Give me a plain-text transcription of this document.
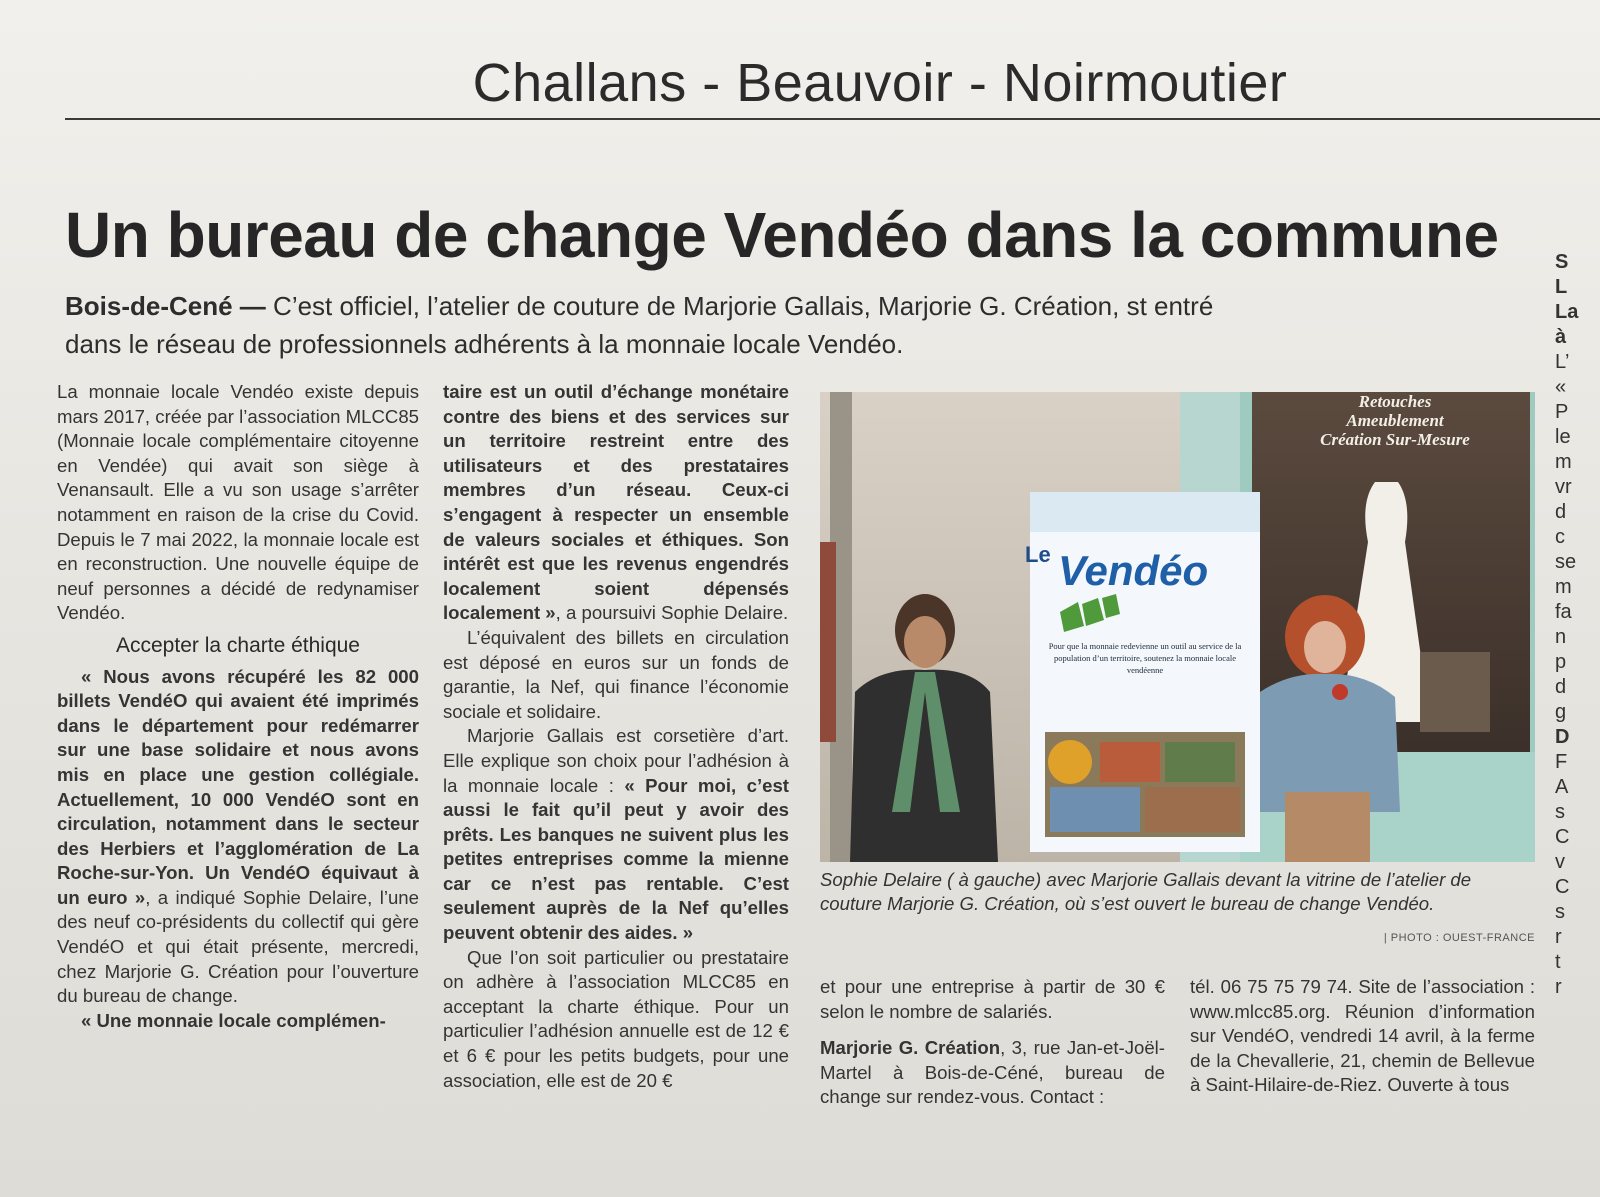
Challans - Beauvoir - Noirmoutier
Un bureau de change Vendéo dans la commune
Bois-de-Cené — C’est officiel, l’atelier de couture de Marjorie Gallais, Marjorie G. Création, st entré dans le réseau de professionnels adhérents à la monnaie locale Vendéo.

La monnaie locale Vendéo existe depuis mars 2017, créée par l’association MLCC85 (Monnaie locale complémentaire citoyenne en Vendée) qui avait son siège à Venansault. Elle a vu son usage s’arrêter notamment en raison de la crise du Covid. Depuis le 7 mai 2022, la monnaie locale est en reconstruction. Une nouvelle équipe de neuf personnes a décidé de redynamiser Vendéo.

Accepter la charte éthique

« Nous avons récupéré les 82 000 billets VendéO qui avaient été imprimés dans le département pour redémarrer sur une base solidaire et nous avons mis en place une gestion collégiale. Actuellement, 10 000 VendéO sont en circulation, notamment dans le secteur des Herbiers et l’agglomération de La Roche-sur-Yon. Un VendéO équivaut à un euro », a indiqué Sophie Delaire, l’une des neuf co-présidents du collectif qui gère VendéO et qui était présente, mercredi, chez Marjorie G. Création pour l’ouverture du bureau de change.

« Une monnaie locale complémen-

taire est un outil d’échange monétaire contre des biens et des services sur un territoire restreint entre des utilisateurs et des prestataires membres d’un réseau. Ceux-ci s’engagent à respecter un ensemble de valeurs sociales et éthiques. Son intérêt est que les revenus engendrés localement soient dépensés localement », a poursuivi Sophie Delaire.

L’équivalent des billets en circulation est déposé en euros sur un fonds de garantie, la Nef, qui finance l’économie sociale et solidaire.

Marjorie Gallais est corsetière d’art. Elle explique son choix pour l’adhésion à la monnaie locale : « Pour moi, c’est aussi le fait qu’il peut y avoir des prêts. Les banques ne suivent plus les petites entreprises comme la mienne car ce n’est pas rentable. C’est seulement auprès de la Nef qu’elles peuvent obtenir des aides. »

Que l’on soit particulier ou prestataire on adhère à l’association MLCC85 en acceptant la charte éthique. Pour un particulier l’adhésion annuelle est de 12 € et 6 € pour les petits budgets, pour une association, elle est de 20 €

Le Vendéo
Pour que la monnaie redevienne un outil au service de la population d’un territoire, soutenez la monnaie locale vendéenne
Retouches
Ameublement
Création Sur-Mesure
Sophie Delaire ( à gauche) avec Marjorie Gallais devant la vitrine de l’atelier de couture Marjorie G. Création, où s’est ouvert le bureau de change Vendéo.
| PHOTO : OUEST-FRANCE

et pour une entreprise à partir de 30 € selon le nombre de salariés.

Marjorie G. Création, 3, rue Jan-et-Joël-Martel à Bois-de-Céné, bureau de change sur rendez-vous. Contact :

tél. 06 75 75 79 74. Site de l’association : www.mlcc85.org. Réunion d’information sur VendéO, vendredi 14 avril, à la ferme de la Chevallerie, 21, chemin de Bellevue à Saint-Hilaire-de-Riez. Ouverte à tous

S
L
La
à
L’
«
P
le
m
vr
d
c
se
m
fa
n
p
d
g
D
F
A
s
C
v
C
s
r
t
r
